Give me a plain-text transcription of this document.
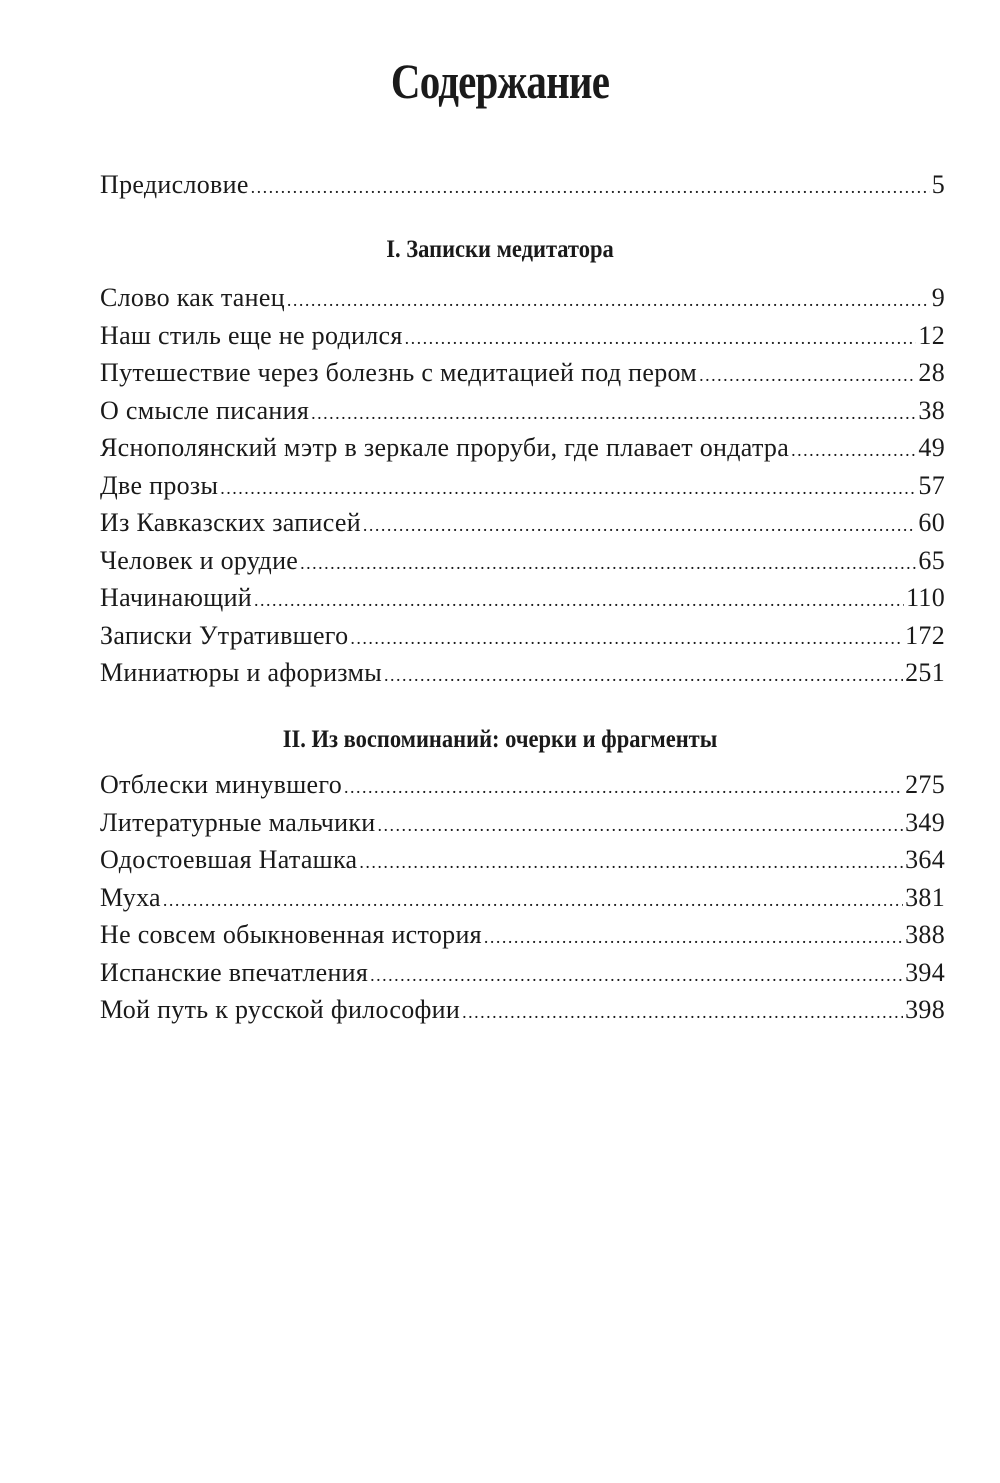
Содержание
Предисловие .....	5
I. Записки медитатора
Слово как танец .....	9
Наш стиль еще не родился .....	12
Путешествие через болезнь с медитацией под пером .....	28
О смысле писания .....	38
Яснополянский мэтр в зеркале проруби, где плавает ондатра .....	49
Две прозы .....	57
Из Кавказских записей .....	60
Человек и орудие .....	65
Начинающий .....	110
Записки Утратившего .....	172
Миниатюры и афоризмы .....	251
II. Из воспоминаний: очерки и фрагменты
Отблески минувшего .....	275
Литературные мальчики .....	349
Одостоевшая Наташка .....	364
Муха .....	381
Не совсем обыкновенная история .....	388
Испанские впечатления .....	394
Мой путь к русской философии .....	398
